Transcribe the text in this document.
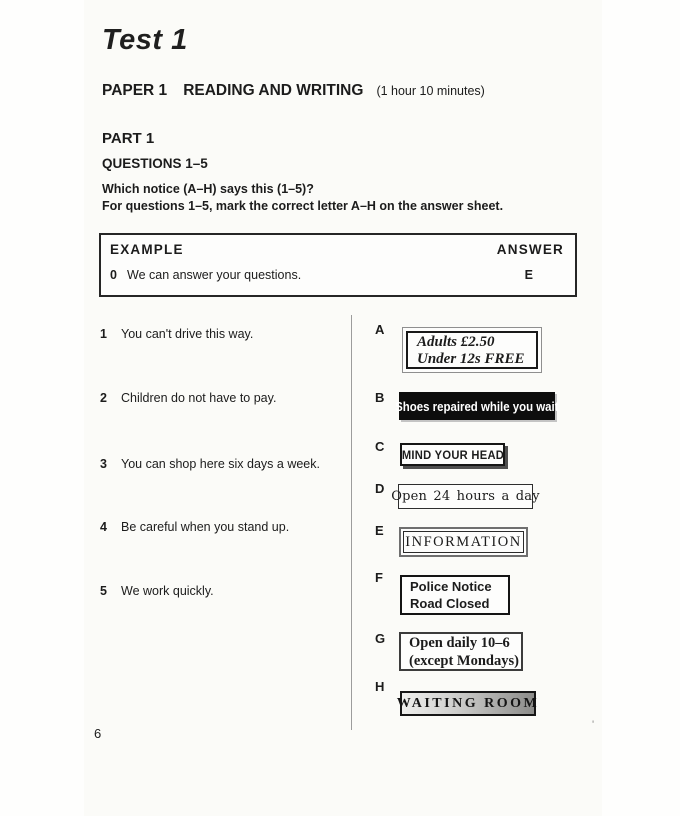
Test 1
PAPER 1 READING AND WRITING (1 hour 10 minutes)
PART 1
QUESTIONS 1–5
Which notice (A–H) says this (1–5)?
For questions 1–5, mark the correct letter A–H on the answer sheet.
EXAMPLE	ANSWER
0 We can answer your questions.	E
1 You can't drive this way.
2 Children do not have to pay.
3 You can shop here six days a week.
4 Be careful when you stand up.
5 We work quickly.
A
B
C
D
E
F
G
H
Adults £2.50
Under 12s FREE
Shoes repaired while you wait
MIND YOUR HEAD
Open 24 hours a day
INFORMATION
Police Notice
Road Closed
Open daily 10–6
(except Mondays)
WAITING ROOM
6
'
